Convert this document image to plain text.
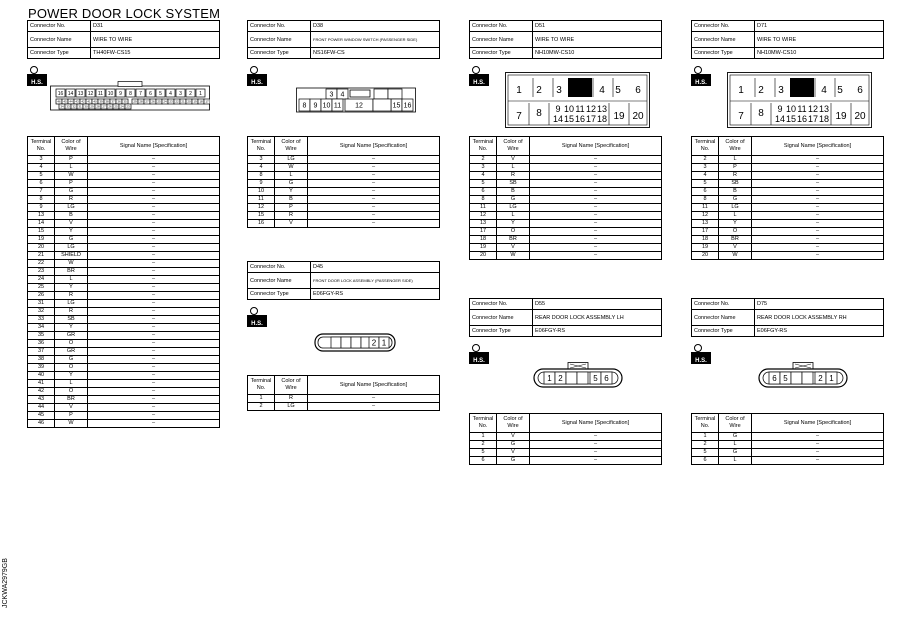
POWER DOOR LOCK SYSTEM
Connector No.	D31
Connector Name	WIRE TO WIRE
Connector Type	TH40FW-CS15
H.S.
16 14 13 12 11 10 9 8 7 6 5 4 3 2 1
46 45 44 43 42 41 40 39 38 37 36 35
34 33 32 31 30 29 28 27 26 25 24 23
29 28 27 26 25 24 23 22 21 20 19 18 17
Terminal No.	Color of Wire	Signal Name [Specification]
3	P	–
4	L	–
5	W	–
6	P	–
7	G	–
8	R	–
9	LG	–
13	B	–
14	V	–
15	Y	–
19	G	–
20	LG	–
21	SHIELD	–
22	W	–
23	BR	–
24	L	–
25	Y	–
26	R	–
31	LG	–
32	R	–
33	SB	–
34	Y	–
35	GR	–
36	O	–
37	GR	–
38	G	–
39	O	–
40	Y	–
41	L	–
42	O	–
43	BR	–
44	V	–
45	P	–
46	W	–
Connector No.	D38
Connector Name	FRONT POWER WINDOW SWITCH (PASSENGER SIDE)
Connector Type	NS16FW-CS
H.S.
3 4
8 9 10 11 12	15 16
Terminal No.	Color of Wire	Signal Name [Specification]
3	LG	–
4	W	–
8	L	–
9	G	–
10	Y	–
11	B	–
12	P	–
15	R	–
16	V	–
Connector No.	D45
Connector Name	FRONT DOOR LOCK ASSEMBLY (PASSENGER SIDE)
Connector Type	E06FGY-RS
H.S.
2 1
Terminal No.	Color of Wire	Signal Name [Specification]
1	R	–
2	LG	–
Connector No.	D51
Connector Name	WIRE TO WIRE
Connector Type	NH10MW-CS10
H.S.
1 2 3	4 5 6
7 8 9 10 11 12 13
14 15 16 17 18 19 20
Terminal No.	Color of Wire	Signal Name [Specification]
2	V	–
3	L	–
4	R	–
5	SB	–
6	B	–
8	G	–
11	LG	–
12	L	–
13	Y	–
17	O	–
18	BR	–
19	V	–
20	W	–
Connector No.	D55
Connector Name	REAR DOOR LOCK ASSEMBLY LH
Connector Type	E06FGY-RS
H.S.
1 2	5 6
Terminal No.	Color of Wire	Signal Name [Specification]
1	V	–
2	G	–
5	V	–
6	G	–
Connector No.	D71
Connector Name	WIRE TO WIRE
Connector Type	NH10MW-CS10
H.S.
1 2 3	4 5 6
7 8 9 10 11 12 13
14 15 16 17 18 19 20
Terminal No.	Color of Wire	Signal Name [Specification]
2	L	–
3	P	–
4	R	–
5	SB	–
6	B	–
8	G	–
11	LG	–
12	L	–
13	Y	–
17	O	–
18	BR	–
19	V	–
20	W	–
Connector No.	D75
Connector Name	REAR DOOR LOCK ASSEMBLY RH
Connector Type	E06FGY-RS
H.S.
6 5	2 1
Terminal No.	Color of Wire	Signal Name [Specification]
1	G	–
2	L	–
5	G	–
6	L	–
JCKWA2979GB
